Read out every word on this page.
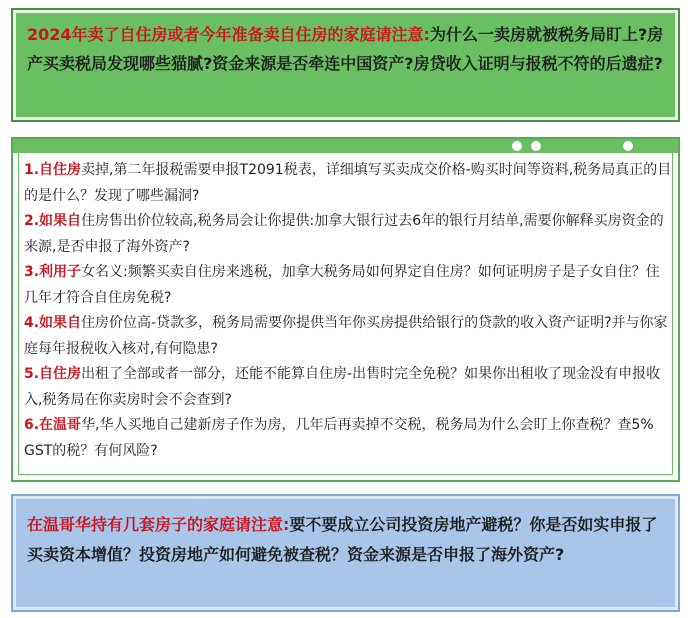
2024年卖了自住房或者今年准备卖自住房的家庭请注意:为什么一卖房就被税务局盯上?房产买卖税局发现哪些猫腻?资金来源是否牵连中国资产?房贷收入证明与报税不符的后遗症?

1.自住房卖掉,第二年报税需要申报T2091税表，详细填写买卖成交价格-购买时间等资料,税务局真正的目的是什么？发现了哪些漏洞?
2.如果自住房售出价位较高,税务局会让你提供:加拿大银行过去6年的银行月结单,需要你解释买房资金的来源,是否申报了海外资产?
3.利用子女名义:频繁买卖自住房来逃税，加拿大税务局如何界定自住房？如何证明房子是子女自住？住几年才符合自住房免税?
4.如果自住房价位高-贷款多，税务局需要你提供当年你买房提供给银行的贷款的收入资产证明?并与你家庭每年报税收入核对,有何隐患?
5.自住房出租了全部或者一部分，还能不能算自住房-出售时完全免税？如果你出租收了现金没有申报收入,税务局在你卖房时会不会查到?
6.在温哥华,华人买地自己建新房子作为房，几年后再卖掉不交税，税务局为什么会盯上你查税？查5% GST的税？有何风险?

在温哥华持有几套房子的家庭请注意:要不要成立公司投资房地产避税？你是否如实申报了买卖资本增值？投资房地产如何避免被查税？资金来源是否申报了海外资产?
